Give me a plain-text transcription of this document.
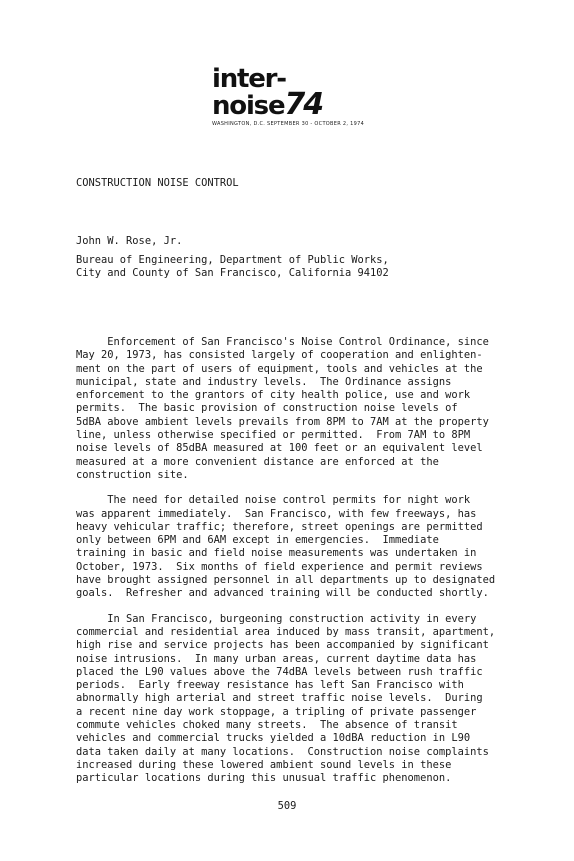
inter-noise74
WASHINGTON, D.C. SEPTEMBER 30 - OCTOBER 2, 1974
CONSTRUCTION NOISE CONTROL
John W. Rose, Jr.
Bureau of Engineering, Department of Public Works,
City and County of San Francisco, California 94102
Enforcement of San Francisco's Noise Control Ordinance, since
May 20, 1973, has consisted largely of cooperation and enlighten-
ment on the part of users of equipment, tools and vehicles at the
municipal, state and industry levels.  The Ordinance assigns
enforcement to the grantors of city health police, use and work
permits.  The basic provision of construction noise levels of
5dBA above ambient levels prevails from 8PM to 7AM at the property
line, unless otherwise specified or permitted.  From 7AM to 8PM
noise levels of 85dBA measured at 100 feet or an equivalent level
measured at a more convenient distance are enforced at the
construction site.
The need for detailed noise control permits for night work
was apparent immediately.  San Francisco, with few freeways, has
heavy vehicular traffic; therefore, street openings are permitted
only between 6PM and 6AM except in emergencies.  Immediate
training in basic and field noise measurements was undertaken in
October, 1973.  Six months of field experience and permit reviews
have brought assigned personnel in all departments up to designated
goals.  Refresher and advanced training will be conducted shortly.
In San Francisco, burgeoning construction activity in every
commercial and residential area induced by mass transit, apartment,
high rise and service projects has been accompanied by significant
noise intrusions.  In many urban areas, current daytime data has
placed the L90 values above the 74dBA levels between rush traffic
periods.  Early freeway resistance has left San Francisco with
abnormally high arterial and street traffic noise levels.  During
a recent nine day work stoppage, a tripling of private passenger
commute vehicles choked many streets.  The absence of transit
vehicles and commercial trucks yielded a 10dBA reduction in L90
data taken daily at many locations.  Construction noise complaints
increased during these lowered ambient sound levels in these
particular locations during this unusual traffic phenomenon.
509
